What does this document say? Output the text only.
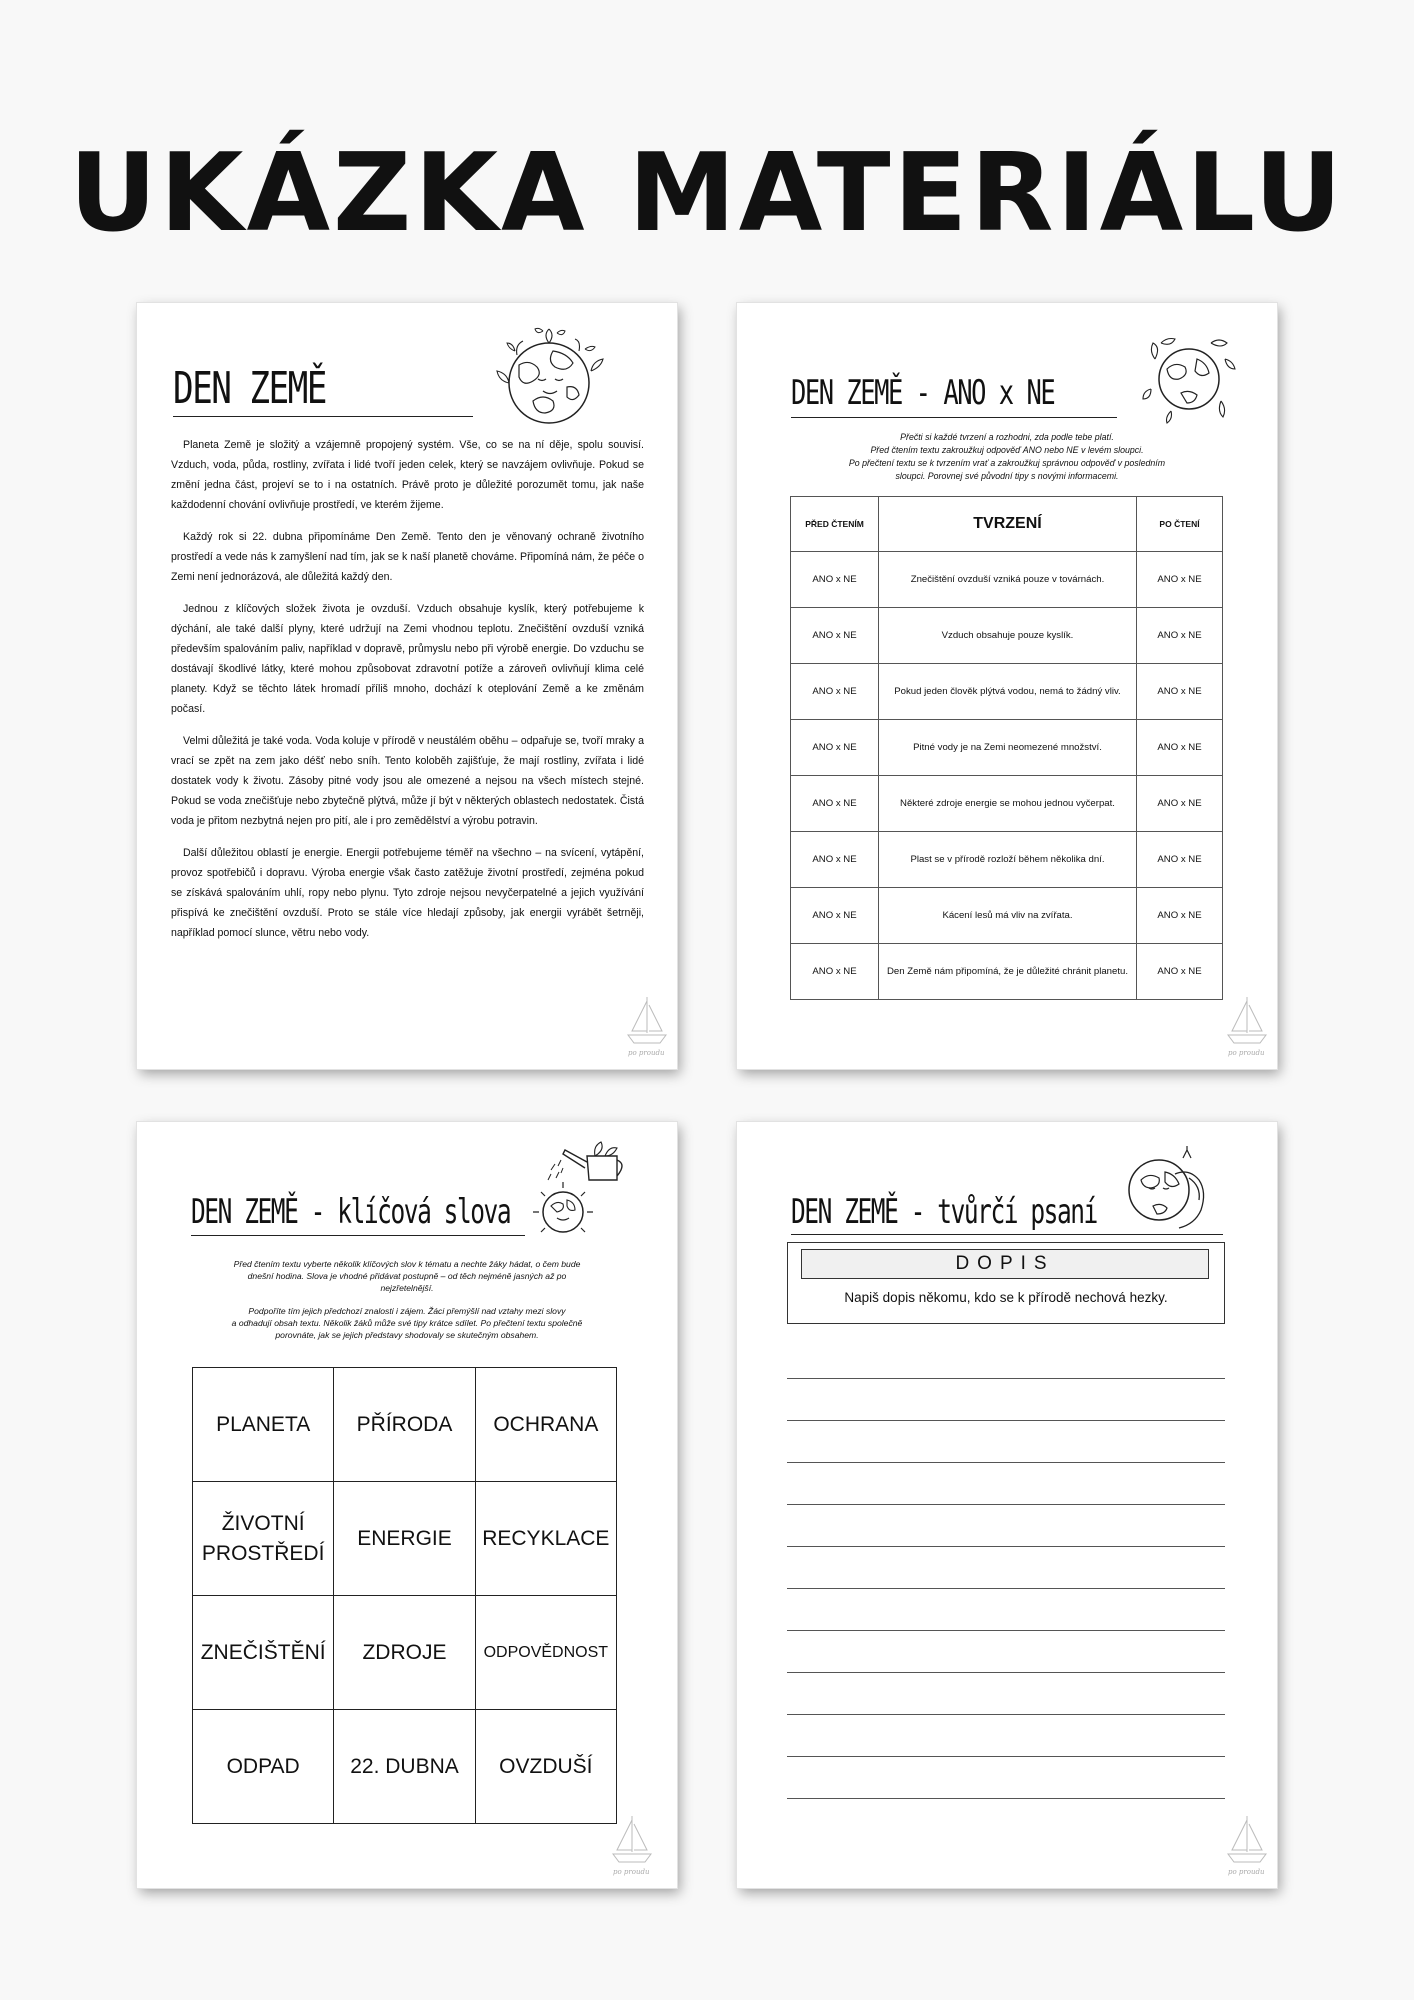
UKÁZKA MATERIÁLU
DEN ZEMĚ

Planeta Země je složitý a vzájemně propojený systém. Vše, co se na ní děje, spolu souvisí. Vzduch, voda, půda, rostliny, zvířata i lidé tvoří jeden celek, který se navzájem ovlivňuje. Pokud se změní jedna část, projeví se to i na ostatních. Právě proto je důležité porozumět tomu, jak naše každodenní chování ovlivňuje prostředí, ve kterém žijeme.

Každý rok si 22. dubna připomínáme Den Země. Tento den je věnovaný ochraně životního prostředí a vede nás k zamyšlení nad tím, jak se k naší planetě chováme. Připomíná nám, že péče o Zemi není jednorázová, ale důležitá každý den.

Jednou z klíčových složek života je ovzduší. Vzduch obsahuje kyslík, který potřebujeme k dýchání, ale také další plyny, které udržují na Zemi vhodnou teplotu. Znečištění ovzduší vzniká především spalováním paliv, například v dopravě, průmyslu nebo při výrobě energie. Do vzduchu se dostávají škodlivé látky, které mohou způsobovat zdravotní potíže a zároveň ovlivňují klima celé planety. Když se těchto látek hromadí příliš mnoho, dochází k oteplování Země a ke změnám počasí.

Velmi důležitá je také voda. Voda koluje v přírodě v neustálém oběhu – odpařuje se, tvoří mraky a vrací se zpět na zem jako déšť nebo sníh. Tento koloběh zajišťuje, že mají rostliny, zvířata i lidé dostatek vody k životu. Zásoby pitné vody jsou ale omezené a nejsou na všech místech stejné. Pokud se voda znečišťuje nebo zbytečně plýtvá, může jí být v některých oblastech nedostatek. Čistá voda je přitom nezbytná nejen pro pití, ale i pro zemědělství a výrobu potravin.

Další důležitou oblastí je energie. Energii potřebujeme téměř na všechno – na svícení, vytápění, provoz spotřebičů i dopravu. Výroba energie však často zatěžuje životní prostředí, zejména pokud se získává spalováním uhlí, ropy nebo plynu. Tyto zdroje nejsou nevyčerpatelné a jejich využívání přispívá ke znečištění ovzduší. Proto se stále více hledají způsoby, jak energii vyrábět šetrněji, například pomocí slunce, větru nebo vody.

po proudu
DEN ZEMĚ - ANO x NE
Přečti si každé tvrzení a rozhodni, zda podle tebe platí.
Před čtením textu zakroužkuj odpověď ANO nebo NE v levém sloupci.
Po přečtení textu se k tvrzením vrať a zakroužkuj správnou odpověď v posledním
sloupci. Porovnej své původní tipy s novými informacemi.
PŘED ČTENÍM	TVRZENÍ	PO ČTENÍ
ANO x NE	Znečištění ovzduší vzniká pouze v továrnách.	ANO x NE
ANO x NE	Vzduch obsahuje pouze kyslík.	ANO x NE
ANO x NE	Pokud jeden člověk plýtvá vodou, nemá to žádný vliv.	ANO x NE
ANO x NE	Pitné vody je na Zemi neomezené množství.	ANO x NE
ANO x NE	Některé zdroje energie se mohou jednou vyčerpat.	ANO x NE
ANO x NE	Plast se v přírodě rozloží během několika dní.	ANO x NE
ANO x NE	Kácení lesů má vliv na zvířata.	ANO x NE
ANO x NE	Den Země nám připomíná, že je důležité chránit planetu.	ANO x NE
po proudu
DEN ZEMĚ - klíčová slova
Před čtením textu vyberte několik klíčových slov k tématu a nechte žáky hádat, o čem bude
dnešní hodina. Slova je vhodné přidávat postupně – od těch nejméně jasných až po
nejzřetelnější.
Podpoříte tím jejich předchozí znalosti i zájem. Žáci přemýšlí nad vztahy mezi slovy
a odhadují obsah textu. Několik žáků může své tipy krátce sdílet. Po přečtení textu společně
porovnáte, jak se jejich představy shodovaly se skutečným obsahem.
PLANETA	PŘÍRODA	OCHRANA
ŽIVOTNÍ PROSTŘEDÍ	ENERGIE	RECYKLACE
ZNEČIŠTĚNÍ	ZDROJE	ODPOVĚDNOST
ODPAD	22. DUBNA	OVZDUŠÍ
po proudu
DEN ZEMĚ - tvůrčí psaní
DOPIS
Napiš dopis někomu, kdo se k přírodě nechová hezky.
po proudu
